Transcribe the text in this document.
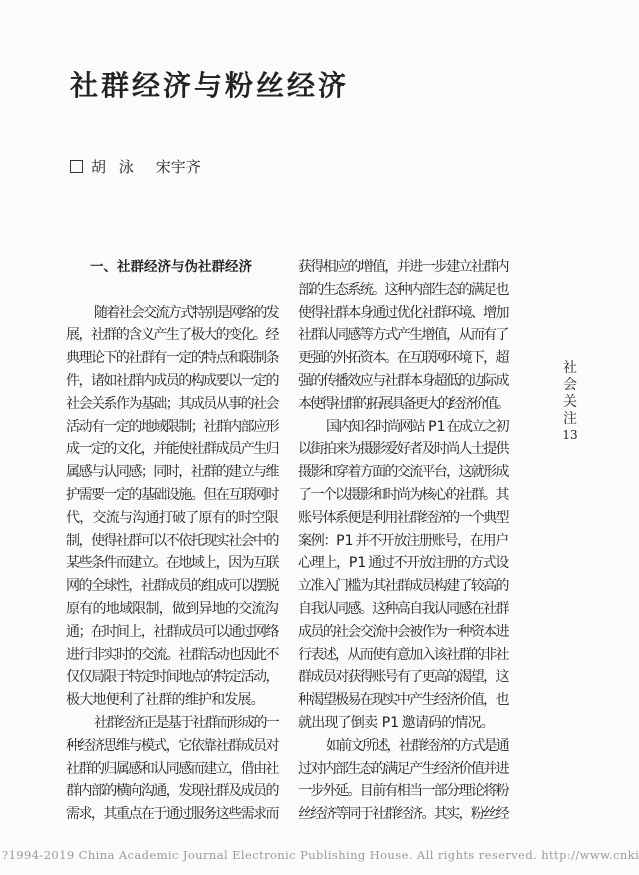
社群经济与粉丝经济
胡 泳 宋宇齐
一、社群经济与伪社群经济
随着社会交流方式特别是网络的发
展，社群的含义产生了极大的变化。经
典理论下的社群有一定的特点和限制条
件，诸如社群内成员的构成要以一定的
社会关系作为基础；其成员从事的社会
活动有一定的地域限制；社群内部应形
成一定的文化，并能使社群成员产生归
属感与认同感；同时，社群的建立与维
护需要一定的基础设施。但在互联网时
代，交流与沟通打破了原有的时空限
制，使得社群可以不依托现实社会中的
某些条件而建立。在地域上，因为互联
网的全球性，社群成员的组成可以摆脱
原有的地域限制，做到异地的交流沟
通；在时间上，社群成员可以通过网络
进行非实时的交流。社群活动也因此不
仅仅局限于特定时间地点的特定活动，
极大地便利了社群的维护和发展。
社群经济正是基于社群而形成的一
种经济思维与模式，它依靠社群成员对
社群的归属感和认同感而建立，借由社
群内部的横向沟通，发现社群及成员的
需求，其重点在于通过服务这些需求而
获得相应的增值，并进一步建立社群内
部的生态系统。这种内部生态的满足也
使得社群本身通过优化社群环境、增加
社群认同感等方式产生增值，从而有了
更强的外拓资本。在互联网环境下，超
强的传播效应与社群本身超低的边际成
本使得社群的拓展具备更大的经济价值。
国内知名时尚网站 P1在成立之初
以街拍来为摄影爱好者及时尚人士提供
摄影和穿着方面的交流平台，这就形成
了一个以摄影和时尚为核心的社群。其
账号体系便是利用社群经济的一个典型
案例：P1 并不开放注册账号，在用户
心理上，P1 通过不开放注册的方式设
立准入门槛为其社群成员构建了较高的
自我认同感。这种高自我认同感在社群
成员的社会交流中会被作为一种资本进
行表述，从而使有意加入该社群的非社
群成员对获得账号有了更高的渴望，这
种渴望极易在现实中产生经济价值，也
就出现了倒卖 P1 邀请码的情况。
如前文所述，社群经济的方式是通
过对内部生态的满足产生经济价值并进
一步外延。目前有相当一部分理论将粉
丝经济等同于社群经济。其实，粉丝经
社
会
关
注
13
?1994-2019 China Academic Journal Electronic Publishing House. All rights reserved. http://www.cnki
